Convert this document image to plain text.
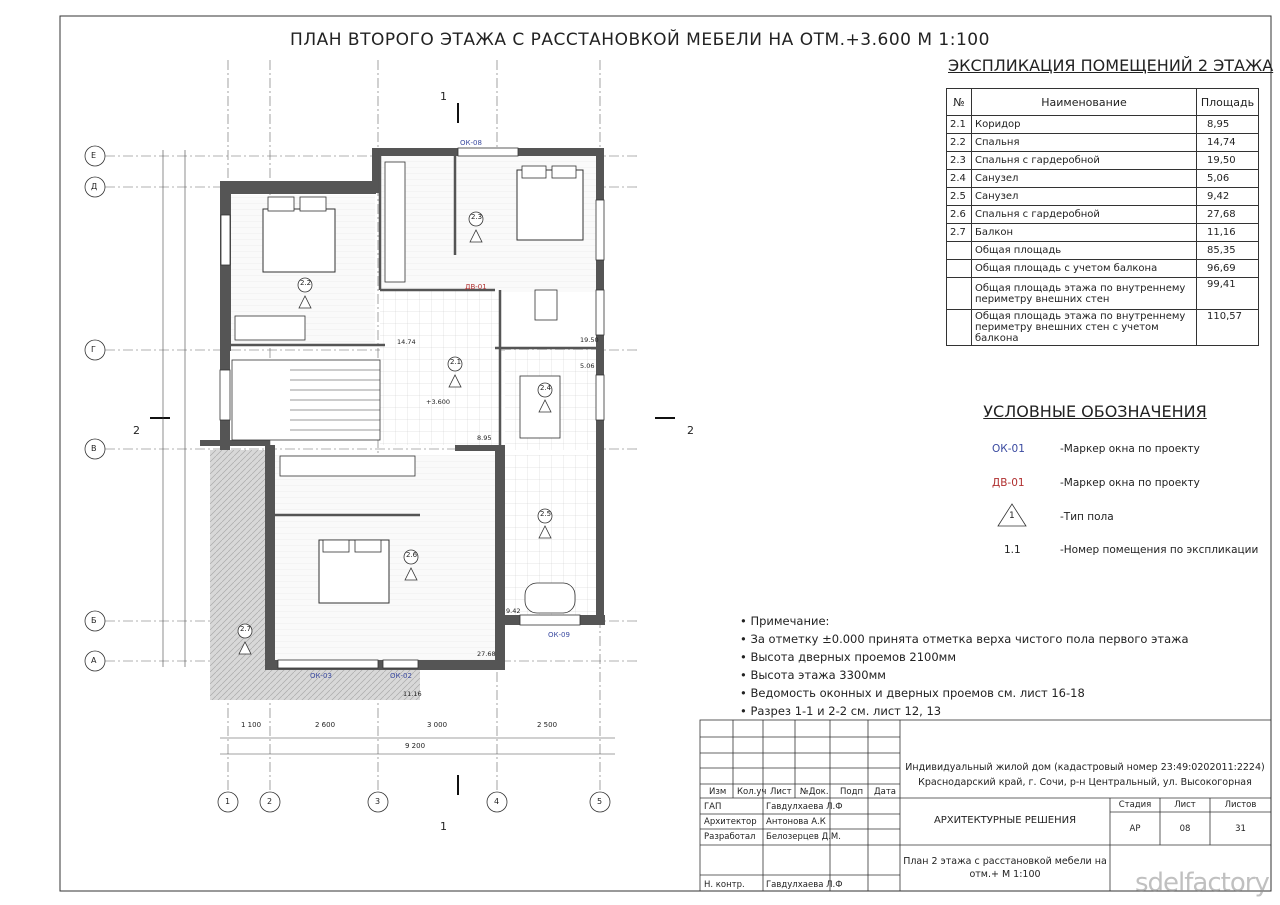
ПЛАН ВТОРОГО ЭТАЖА С РАССТАНОВКОЙ МЕБЕЛИ НА ОТМ.+3.600 М 1:100
ЭКСПЛИКАЦИЯ ПОМЕЩЕНИЙ 2 ЭТАЖА
№	Наименование	Площадь
2.1	Коридор	8,95
2.2	Спальня	14,74
2.3	Спальня с гардеробной	19,50
2.4	Санузел	5,06
2.5	Санузел	9,42
2.6	Спальня с гардеробной	27,68
2.7	Балкон	11,16
	Общая площадь	85,35
	Общая площадь с учетом балкона	96,69
	Общая площадь этажа по внутреннему
периметру внешних стен	99,41
	Общая площадь этажа по внутреннему
периметру внешних стен с учетом балкона	110,57
УСЛОВНЫЕ ОБОЗНАЧЕНИЯ
ОК-01	-Маркер окна по проекту
ДВ-01	-Маркер окна по проекту
1	-Тип пола
1.1	-Номер помещения по экспликации
• Примечание:
• За отметку ±0.000 принята отметка верха чистого пола первого этажа
• Высота дверных проемов 2100мм
• Высота этажа 3300мм
• Ведомость оконных и дверных проемов см. лист 16-18
• Разрез 1-1 и 2-2 см. лист 12, 13
Е
Д
Г
В
Б
А
1	2	3	4	5
1
1
2	2
1 100	2 600	3 000	2 500
9 200
2.2
2.3
2.1
2.4
2.5
2.6
2.7
14.74	19.50
8.95
5.06
9.42
27.68
11.16
+3.600
ОК-08
ОК-09
ОК-03	ОК-02
ДВ-01
Изм Кол.уч Лист №Док. Подп Дата
ГАП	Гавдулхаева Л.Ф
Архитектор Антонова А.К
Разработал Белозерцев Д.М.
Н. контр.	Гавдулхаева Л.Ф
Индивидуальный жилой дом (кадастровый номер 23:49:0202011:2224) Краснодарский край, г. Сочи, р-н Центральный, ул. Высокогорная
АРХИТЕКТУРНЫЕ РЕШЕНИЯ
Стадия	Лист	Листов
АР	08	31
План 2 этажа с расстановкой мебели на отм.+ М 1:100	sdelfactory
